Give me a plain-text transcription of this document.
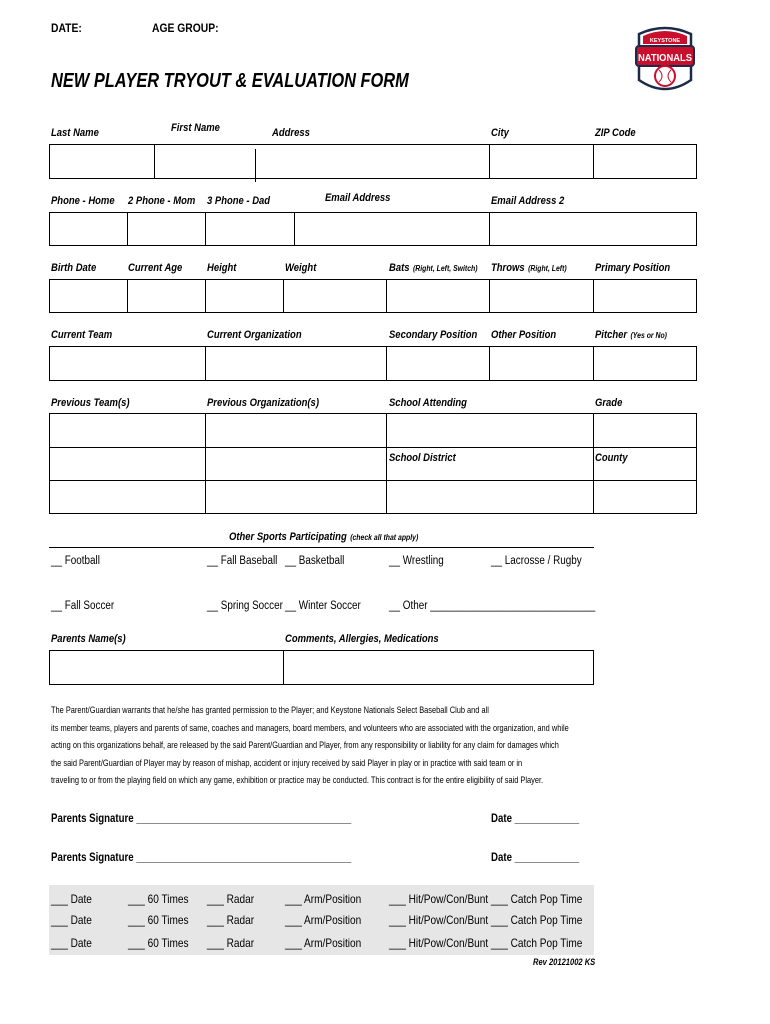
DATE:	AGE GROUP:
NEW PLAYER TRYOUT & EVALUATION FORM
KEYSTONE
NATIONALS
Last Name	First Name	Address	City	ZIP Code
Phone - Home 2 Phone - Mom 3 Phone - Dad	Email Address	Email Address 2
Birth Date	Current Age Height	Weight	Bats (Right, Left, Switch) Throws (Right, Left)	Primary Position
Current Team	Current Organization	Secondary Position Other Position	Pitcher (Yes or No)
Previous Team(s)	Previous Organization(s)	School Attending	Grade
School District	County
Other Sports Participating (check all that apply)
__ Football	__ Fall Baseball __ Basketball	__ Wrestling	__ Lacrosse / Rugby
__ Fall Soccer	__ Spring Soccer __ Winter Soccer __ Other ______________________________
Parents Name(s)	Comments, Allergies, Medications
The Parent/Guardian warrants that he/she has granted permission to the Player; and Keystone Nationals Select Baseball Club and all
its member teams, players and parents of same, coaches and managers, board members, and volunteers who are associated with the organization, and while
acting on this organizations behalf, are released by the said Parent/Guardian and Player, from any responsibility or liability for any claim for damages which
the said Parent/Guardian of Player may by reason of mishap, accident or injury received by said Player in play or in practice with said team or in
traveling to or from the playing field on which any game, exhibition or practice may be conducted. This contract is for the entire eligibility of said Player.
Parents Signature ________________________________________	Date ____________
Parents Signature ________________________________________	Date ____________
___ Date	___ 60 Times ___ Radar	___ Arm/Position ___ Hit/Pow/Con/Bunt ___ Catch Pop Time
___ Date	___ 60 Times ___ Radar	___ Arm/Position ___ Hit/Pow/Con/Bunt ___ Catch Pop Time
___ Date	___ 60 Times ___ Radar	___ Arm/Position ___ Hit/Pow/Con/Bunt ___ Catch Pop Time
Rev 20121002 KS
